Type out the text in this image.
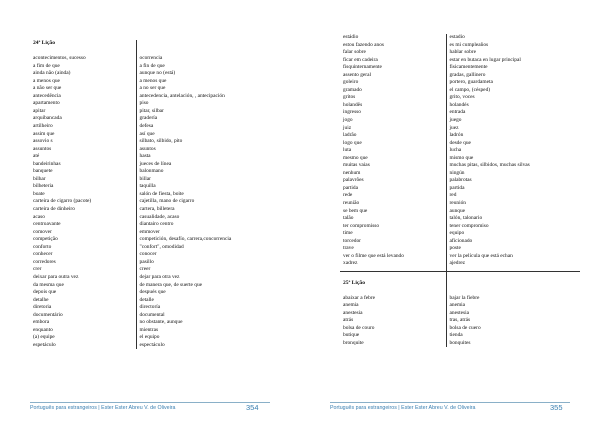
24ª Lição	

acontecimentos, sucesso	ocorrencia
a fim de que	a fin de que
ainda não (ainda)	aunque no (está)
a menos que	a menos que
a não ser que	a no ser que
antecedência	antecedencia, antelación, , antecipación
apartamento	piso
apitar	pitar, silbar
arquibancada	gradería
artilheiro	defesa
assim que	así que
assovio s	silbato, silbido, pito
assuntos	asuntos
até	hasta
bandeirinhas	jueces de línea
banquete	balonmano
bilhar	billar
bilheteria	taquilla
boate	salón de fiesta, boite
carteira de cigarro (pacote)	cajetilla, mano de cigarro
carteira de dinheiro	cartera, billetera
acaso	casualidade, acaso
centroavante	diantairo centro
comover	emmover
competição	competición, desafío, carrera,concorrencia
conforto	"confort", omodidad
conhecer	conocer
corredores	pasillo
crer	creer
deixar para outra vez	dejar para otra vez
da mesma que	de manera que, de suerte que
depois que	después que
detalhe	detalle
diretoria	directoría
documentário	documental
embora	no obstante, aunque
enquanto	mientras
(a) equipe	el equipo
espetáculo	espectáculo
Português para estrangeiros | Ester Ester Abreu V. de Oliveira	354
estádio	estadio
estou fazendo anos	es mi cumpleaños
falar sobre	hablar sobre
ficar em cadeira	estar en butaca en lugar principal
fisquinternamente	fisicamentemente
assento geral	gradas, gallinero
goleiro	portero, guardameta
gramado	el campo, (césped)
gritos	grito, voces
holandês	holandés
ingresso	entrada
jogo	juego
juiz	juez
ladrão	ladrón
logo que	desde que
luta	lucha
mesmo que	mismo que
muitas vaias	muchas pitas, silbidos, muchas silvas
nenhum	ningún
palavrões	palabrotas
partida	partida
rede	red
reunião	reunión
se bem que	aunque
talão	talón, talonario
ter compromisso	tener compromiso
time	equipo
torcedor	aficionado
trave	poste
ver o filme que está levando	ver la película que está echan
xadrez	ajedrez

25ª Lição	

abaixar a febre	bajar la fiebre
anemia	anemia
anestesia	anestesia
atrás	tras, atrás
bolsa de couro	bolsa de cuero
butique	tienda
bronquite	bonquites
Português para estrangeiros | Ester Ester Abreu V. de Oliveira	355
